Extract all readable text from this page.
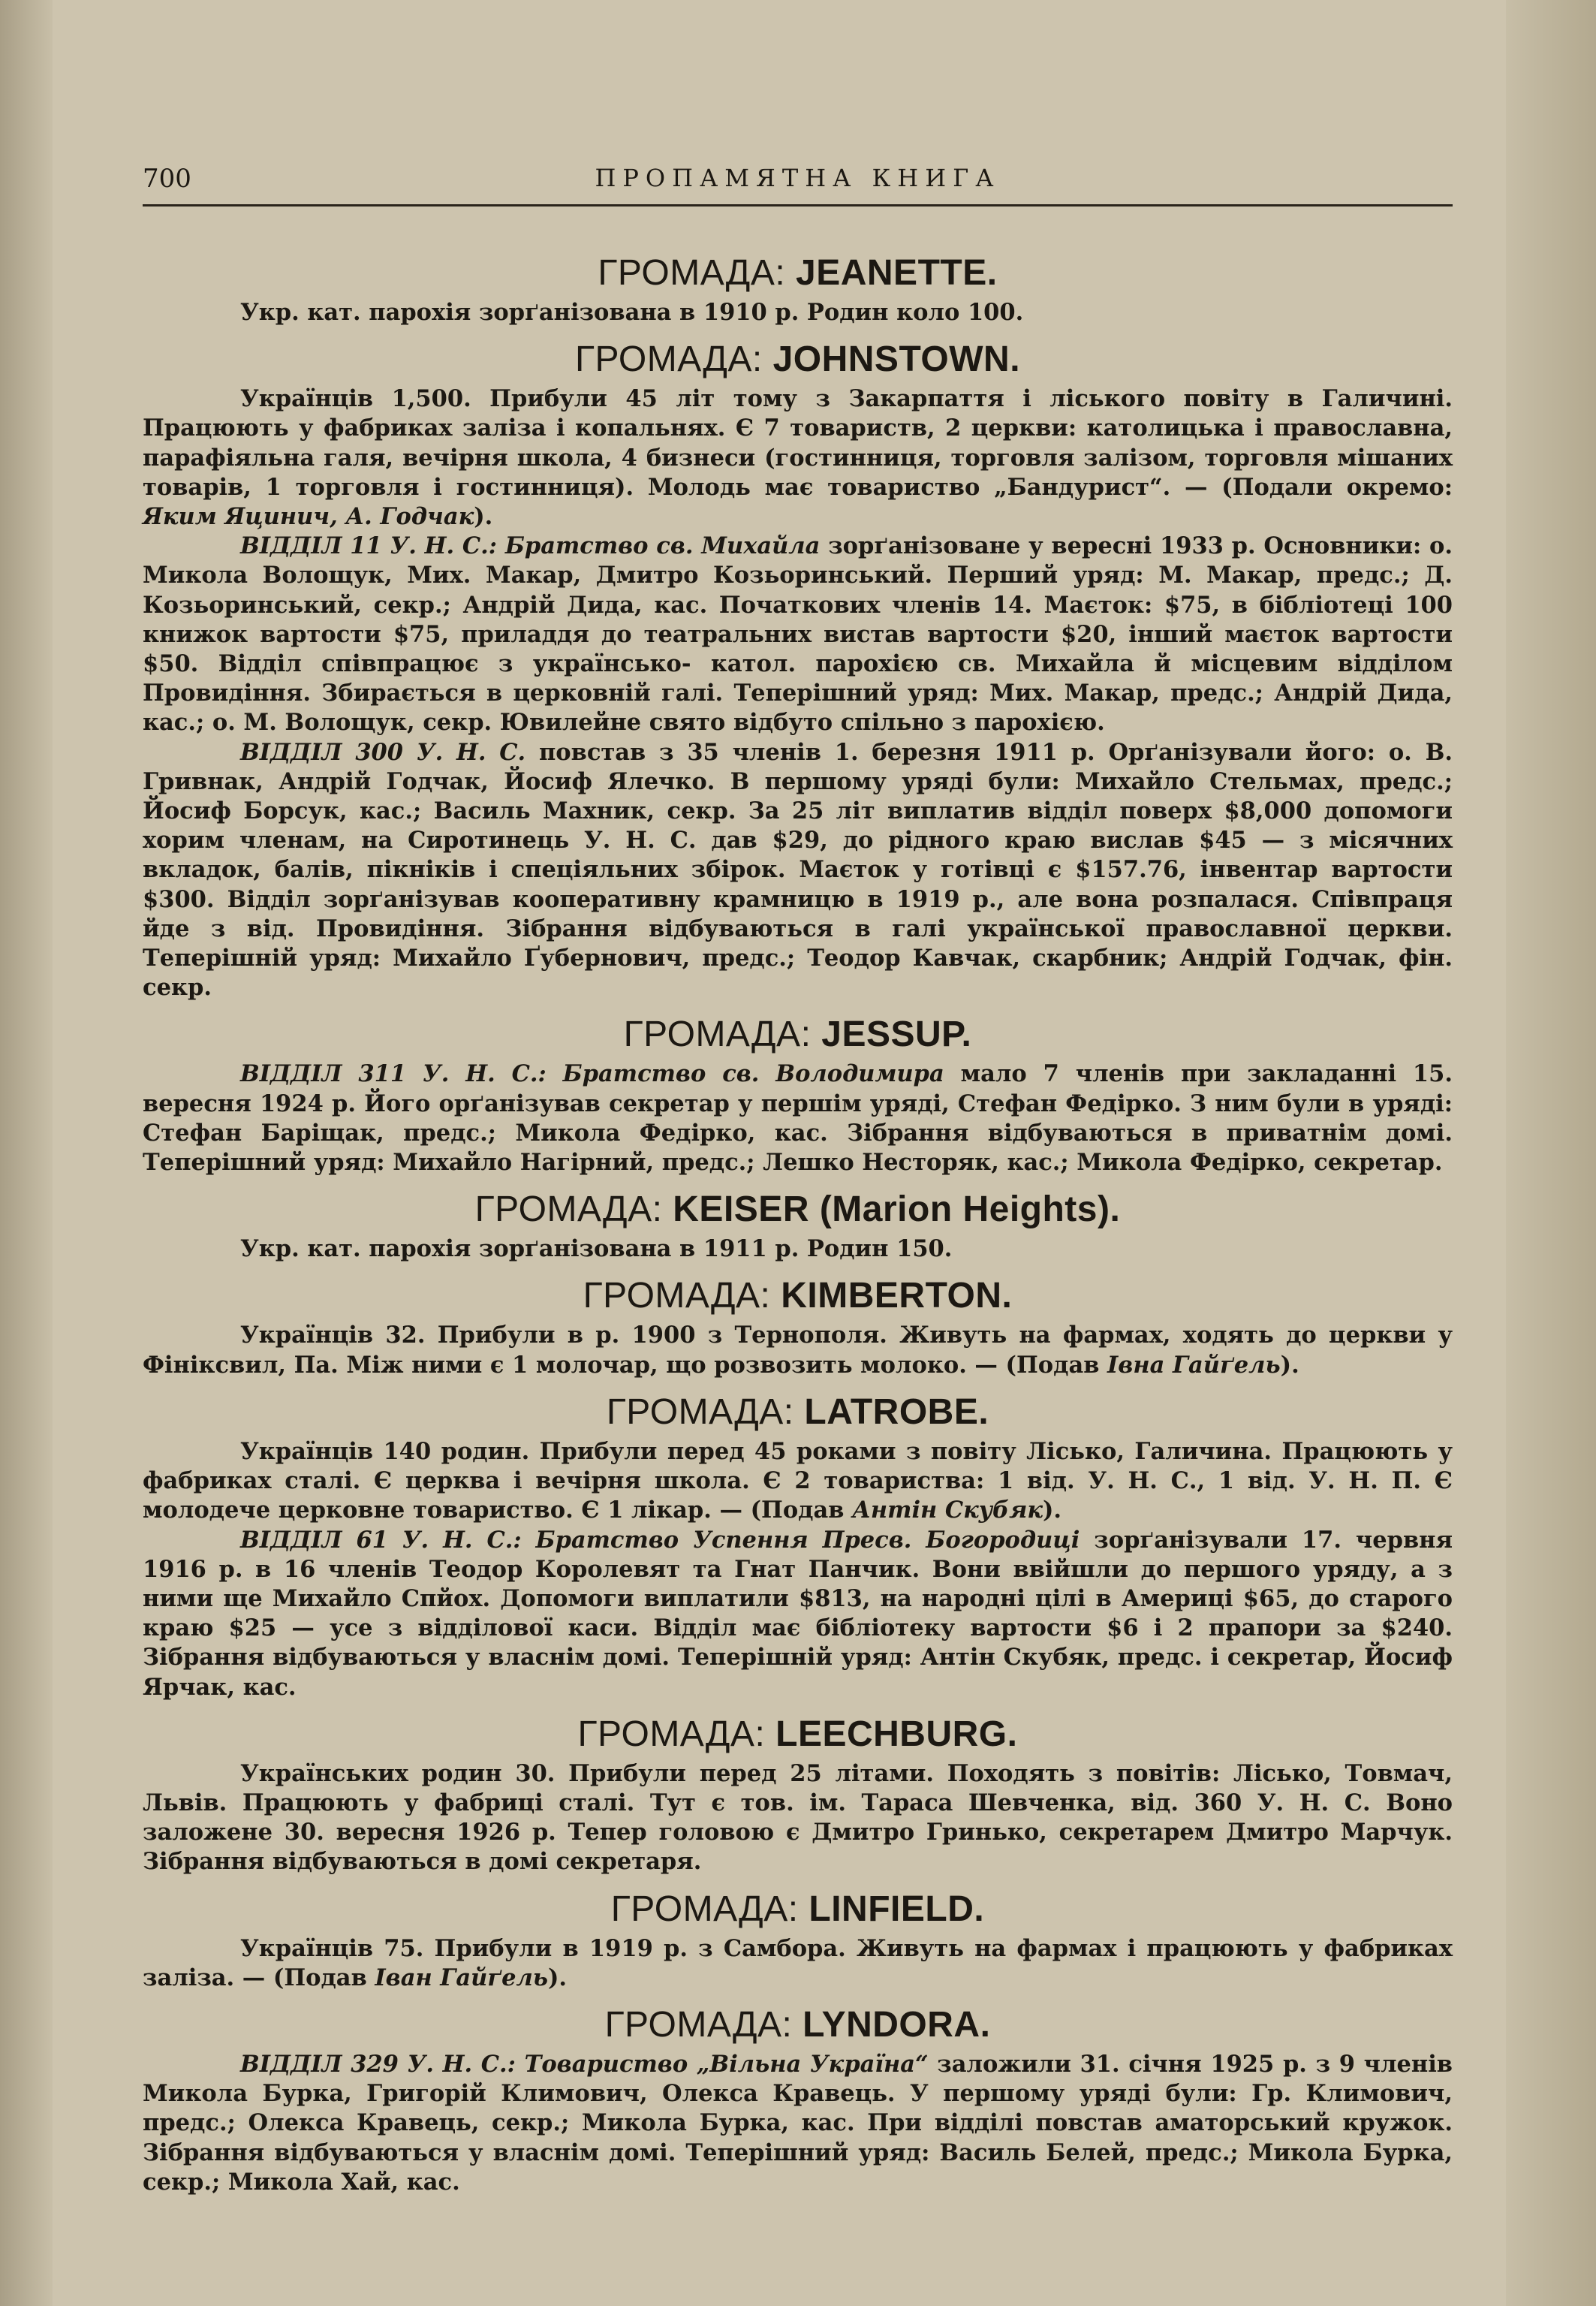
700	ПРОПАМЯТНА КНИГА
ГРОМАДА: JEANETTE.

Укр. кат. парохія зорґанізована в 1910 р. Родин коло 100.

ГРОМАДА: JOHNSTOWN.

Українців 1,500. Прибули 45 літ тому з Закарпаття і ліського повіту в Галичині. Працюють у фабриках заліза і копальнях. Є 7 товариств, 2 церкви: католицька і православна, парафіяльна галя, вечірня школа, 4 бизнеси (гостинниця, торговля залізом, торговля мішаних товарів, 1 торговля і гостинниця). Молодь має товариство „Бандурист“. — (Подали окремо: Яким Яцинич, А. Годчак).

ВІДДІЛ 11 У. Н. С.: Братство св. Михайла зорґанізоване у вересні 1933 р. Основники: о. Микола Волощук, Мих. Макар, Дмитро Козьоринський. Перший уряд: М. Макар, предс.; Д. Козьоринський, секр.; Андрій Дида, кас. Початкових членів 14. Маєток: $75, в бібліотеці 100 книжок вартости $75, приладдя до театральних вистав вартости $20, інший маєток вартости $50. Відділ співпрацює з українсько- катол. парохією св. Михайла й місцевим відділом Провидіння. Збирається в церковній галі. Теперішний уряд: Мих. Макар, предс.; Андрій Дида, кас.; о. М. Волощук, секр. Ювилейне свято відбуто спільно з парохією.

ВІДДІЛ 300 У. Н. С. повстав з 35 членів 1. березня 1911 р. Орґанізували його: о. В. Гривнак, Андрій Годчак, Йосиф Ялечко. В першому уряді були: Михайло Стельмах, предс.; Йосиф Борсук, кас.; Василь Махник, секр. За 25 літ виплатив відділ поверх $8,000 допомоги хорим членам, на Сиротинець У. Н. С. дав $29, до рідного краю вислав $45 — з місячних вкладок, балів, пікніків і спеціяльних збірок. Маєток у готівці є $157.76, інвентар вартости $300. Відділ зорґанізував кооперативну крамницю в 1919 р., але вона розпалася. Співпраця йде з від. Провидіння. Зібрання відбуваються в галі української православної церкви. Теперішній уряд: Михайло Ґубернович, предс.; Теодор Кавчак, скарбник; Андрій Годчак, фін. секр.

ГРОМАДА: JESSUP.

ВІДДІЛ 311 У. Н. С.: Братство св. Володимира мало 7 членів при закладанні 15. вересня 1924 р. Його орґанізував секретар у першім уряді, Стефан Федірко. З ним були в уряді: Стефан Баріщак, предс.; Микола Федірко, кас. Зібрання відбуваються в приватнім домі. Теперішний уряд: Михайло Нагірний, предс.; Лешко Несторяк, кас.; Микола Федірко, секретар.

ГРОМАДА: KEISER (Marion Heights).

Укр. кат. парохія зорґанізована в 1911 р. Родин 150.

ГРОМАДА: KIMBERTON.

Українців 32. Прибули в р. 1900 з Тернополя. Живуть на фармах, ходять до церкви у Фініксвил, Па. Між ними є 1 молочар, що розвозить молоко. — (Подав Івна Гайґель).

ГРОМАДА: LATROBE.

Українців 140 родин. Прибули перед 45 роками з повіту Лісько, Галичина. Працюють у фабриках сталі. Є церква і вечірня школа. Є 2 товариства: 1 від. У. Н. С., 1 від. У. Н. П. Є молодече церковне товариство. Є 1 лікар. — (Подав Антін Скубяк).

ВІДДІЛ 61 У. Н. С.: Братство Успення Пресв. Богородиці зорґанізували 17. червня 1916 р. в 16 членів Теодор Королевят та Гнат Панчик. Вони ввійшли до першого уряду, а з ними ще Михайло Спйох. Допомоги виплатили $813, на народні цілі в Америці $65, до старого краю $25 — усе з відділової каси. Відділ має бібліотеку вартости $6 і 2 прапори за $240. Зібрання відбуваються у власнім домі. Теперішній уряд: Антін Скубяк, предс. і секретар, Йосиф Ярчак, кас.

ГРОМАДА: LEECHBURG.

Українських родин 30. Прибули перед 25 літами. Походять з повітів: Лісько, Товмач, Львів. Працюють у фабриці сталі. Тут є тов. ім. Тараса Шевченка, від. 360 У. Н. С. Воно заложене 30. вересня 1926 р. Тепер головою є Дмитро Гринько, секретарем Дмитро Марчук. Зібрання відбуваються в домі секретаря.

ГРОМАДА: LINFIELD.

Українців 75. Прибули в 1919 р. з Самбора. Живуть на фармах і працюють у фабриках заліза. — (Подав Іван Гайґель).

ГРОМАДА: LYNDORA.

ВІДДІЛ 329 У. Н. С.: Товариство „Вільна Україна“ заложили 31. січня 1925 р. з 9 членів Микола Бурка, Григорій Климович, Олекса Кравець. У першому уряді були: Гр. Климович, предс.; Олекса Кравець, секр.; Микола Бурка, кас. При відділі повстав аматорський кружок. Зібрання відбуваються у власнім домі. Теперішний уряд: Василь Белей, предс.; Микола Бурка, секр.; Микола Хай, кас.
